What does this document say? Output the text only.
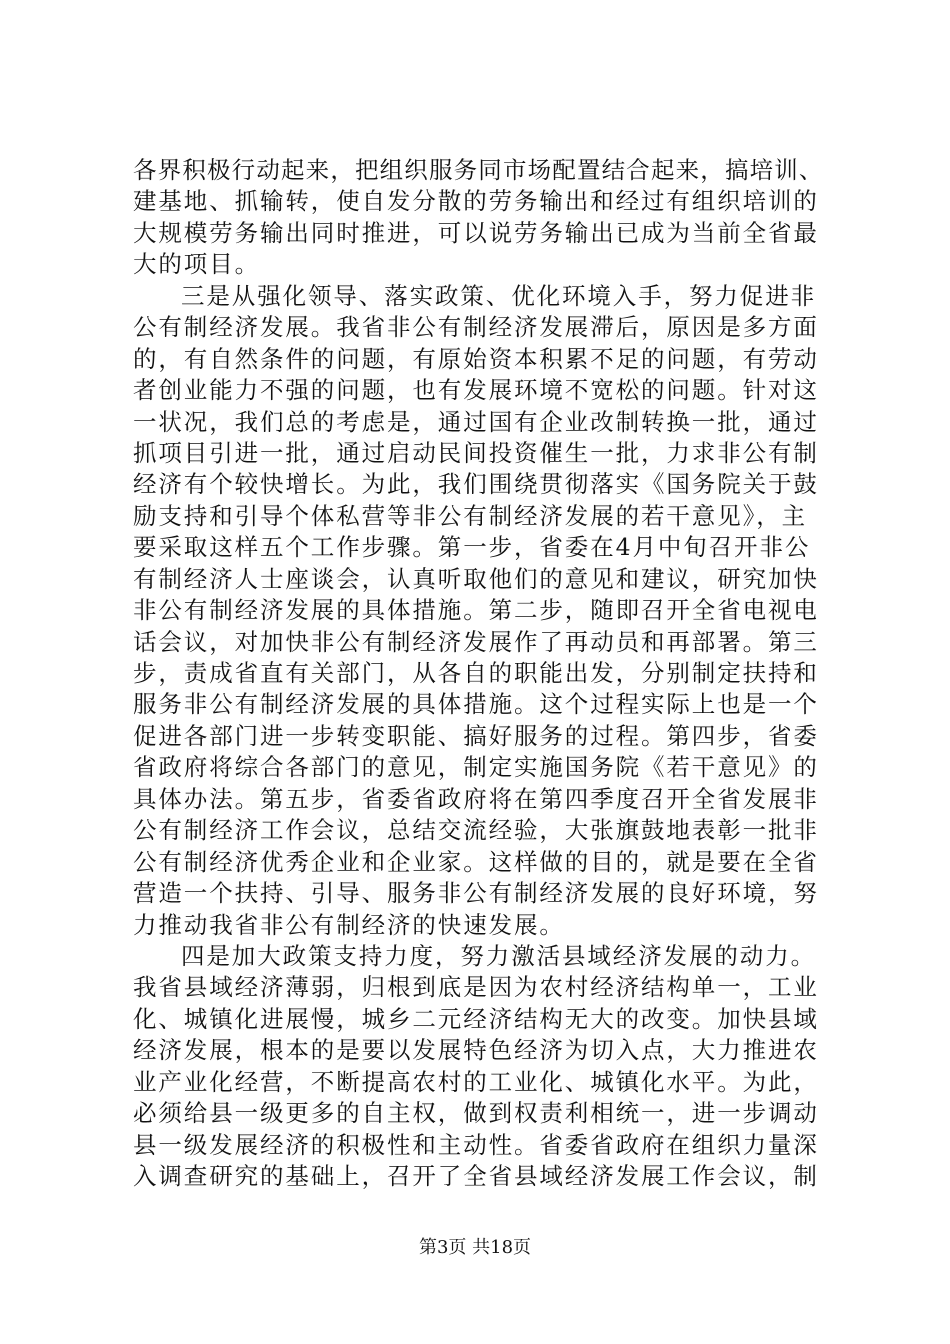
各界积极行动起来，把组织服务同市场配置结合起来，搞培训、
建基地、抓输转，使自发分散的劳务输出和经过有组织培训的
大规模劳务输出同时推进，可以说劳务输出已成为当前全省最
大的项目。
三是从强化领导、落实政策、优化环境入手，努力促进非
公有制经济发展。我省非公有制经济发展滞后，原因是多方面
的，有自然条件的问题，有原始资本积累不足的问题，有劳动
者创业能力不强的问题，也有发展环境不宽松的问题。针对这
一状况，我们总的考虑是，通过国有企业改制转换一批，通过
抓项目引进一批，通过启动民间投资催生一批，力求非公有制
经济有个较快增长。为此，我们围绕贯彻落实《国务院关于鼓
励支持和引导个体私营等非公有制经济发展的若干意见》，主
要采取这样五个工作步骤。第一步，省委在4月中旬召开非公
有制经济人士座谈会，认真听取他们的意见和建议，研究加快
非公有制经济发展的具体措施。第二步，随即召开全省电视电
话会议，对加快非公有制经济发展作了再动员和再部署。第三
步，责成省直有关部门，从各自的职能出发，分别制定扶持和
服务非公有制经济发展的具体措施。这个过程实际上也是一个
促进各部门进一步转变职能、搞好服务的过程。第四步，省委
省政府将综合各部门的意见，制定实施国务院《若干意见》的
具体办法。第五步，省委省政府将在第四季度召开全省发展非
公有制经济工作会议，总结交流经验，大张旗鼓地表彰一批非
公有制经济优秀企业和企业家。这样做的目的，就是要在全省
营造一个扶持、引导、服务非公有制经济发展的良好环境，努
力推动我省非公有制经济的快速发展。
四是加大政策支持力度，努力激活县域经济发展的动力。
我省县域经济薄弱，归根到底是因为农村经济结构单一，工业
化、城镇化进展慢，城乡二元经济结构无大的改变。加快县域
经济发展，根本的是要以发展特色经济为切入点，大力推进农
业产业化经营，不断提高农村的工业化、城镇化水平。为此，
必须给县一级更多的自主权，做到权责利相统一，进一步调动
县一级发展经济的积极性和主动性。省委省政府在组织力量深
入调查研究的基础上，召开了全省县域经济发展工作会议，制
第3页 共18页
